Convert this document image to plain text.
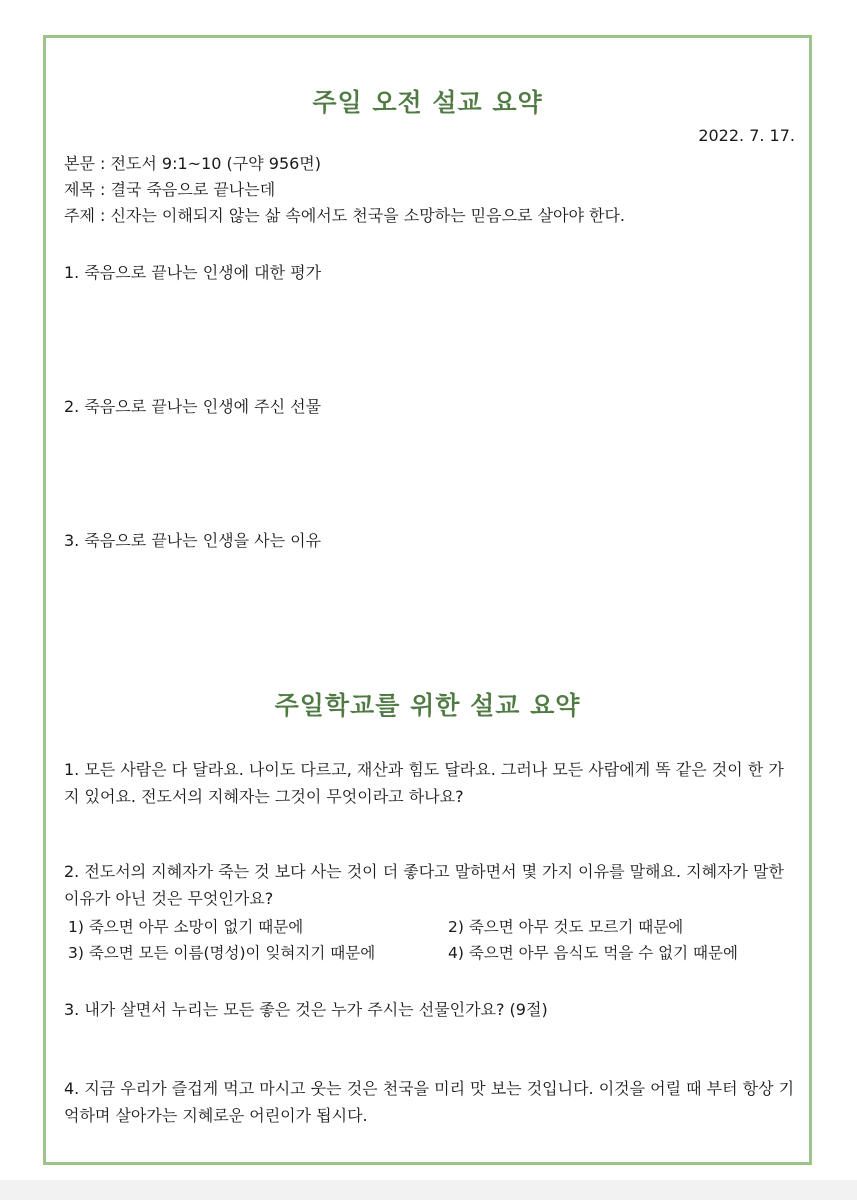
주일 오전 설교 요약
2022. 7. 17.
본문 : 전도서 9:1~10 (구약 956면)
제목 : 결국 죽음으로 끝나는데
주제 : 신자는 이해되지 않는 삶 속에서도 천국을 소망하는 믿음으로 살아야 한다.
1. 죽음으로 끝나는 인생에 대한 평가
2. 죽음으로 끝나는 인생에 주신 선물
3. 죽음으로 끝나는 인생을 사는 이유
주일학교를 위한 설교 요약
1. 모든 사람은 다 달라요. 나이도 다르고, 재산과 힘도 달라요. 그러나 모든 사람에게 똑 같은 것이 한 가지 있어요. 전도서의 지혜자는 그것이 무엇이라고 하나요?
2. 전도서의 지혜자가 죽는 것 보다 사는 것이 더 좋다고 말하면서 몇 가지 이유를 말해요. 지혜자가 말한 이유가 아닌 것은 무엇인가요?
1) 죽으면 아무 소망이 없기 때문에	2) 죽으면 아무 것도 모르기 때문에
3) 죽으면 모든 이름(명성)이 잊혀지기 때문에	4) 죽으면 아무 음식도 먹을 수 없기 때문에
3. 내가 살면서 누리는 모든 좋은 것은 누가 주시는 선물인가요? (9절)
4. 지금 우리가 즐겁게 먹고 마시고 웃는 것은 천국을 미리 맛 보는 것입니다. 이것을 어릴 때 부터 항상 기억하며 살아가는 지혜로운 어린이가 됩시다.
